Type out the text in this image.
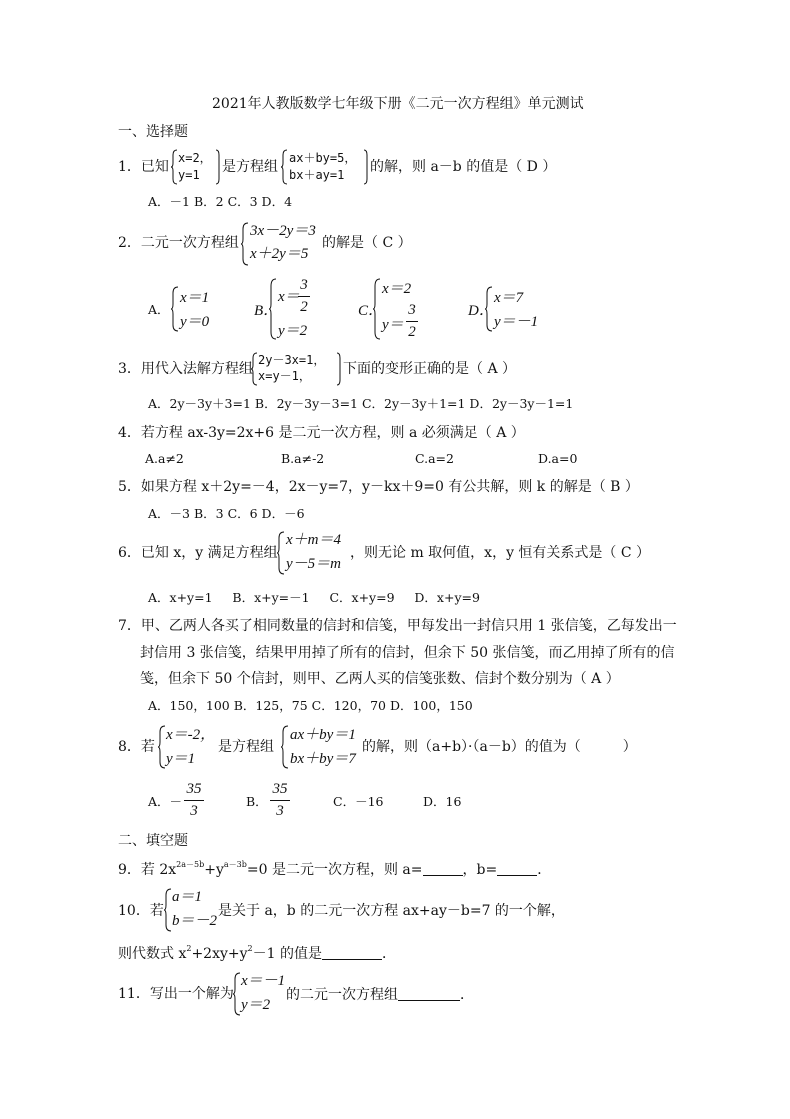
2021年人教版数学七年级下册《二元一次方程组》单元测试
一、选择题
1．已知
x=2，
y=1 是方程组
ax＋by=5，
bx＋ay=1 的解，则 a－b 的值是（ D ）
A．－1 B．2 C．3 D．4
2．二元一次方程组
3x－2y＝3
x＋2y＝5
的解是（ C ）
A．
x＝1
y＝0
B．
x＝
3
2
y＝2
C．
x＝2
y＝
3
2
D．
x＝7
y＝－1
3．用代入法解方程组
2y－3x=1，
x=y－1， 下面的变形正确的是（ A ）
A．2y－3y＋3=1 B．2y－3y－3=1 C．2y－3y＋1=1 D．2y－3y－1=1
4．若方程 ax-3y=2x+6 是二元一次方程，则 a 必须满足（ A ）
A.a≠2	B.a≠-2	C.a=2	D.a=0
5．如果方程 x＋2y=－4，2x－y=7，y－kx＋9=0 有公共解，则 k 的解是（ B ）
A．－3 B．3 C．6 D．－6
6．已知 x，y 满足方程组
x＋m＝4
y－5＝m
，则无论 m 取何值，x，y 恒有关系式是（ C ）
A．x+y=1     B．x+y=－1     C．x+y=9     D．x+y=9
7．甲、乙两人各买了相同数量的信封和信笺，甲每发出一封信只用 1 张信笺，乙每发出一
封信用 3 张信笺，结果甲用掉了所有的信封，但余下 50 张信笺，而乙用掉了所有的信
笺，但余下 50 个信封，则甲、乙两人买的信笺张数、信封个数分别为（ A ）
A．150，100 B．125，75 C．120，70 D．100，150
8．若
x＝-2，
y＝1
是方程组
ax＋by＝1
bx＋by＝7
的解，则（a+b）·（a－b）的值为（　　　）
A．－
35
3
B．
35
3
C．－16	D．16
二、填空题
9．若 $2x^{2a-5b}+y^{a-3b}=0$ 是二元一次方程，则 a=	，b=	．
10．若
a＝1
b＝－2
是关于 a，b 的二元一次方程 ax+ay－b=7 的一个解，
则代数式 $x^2+2xy+y^2-1$ 的值是	．
11．写出一个解为
x＝－1
y＝2
的二元一次方程组	．
